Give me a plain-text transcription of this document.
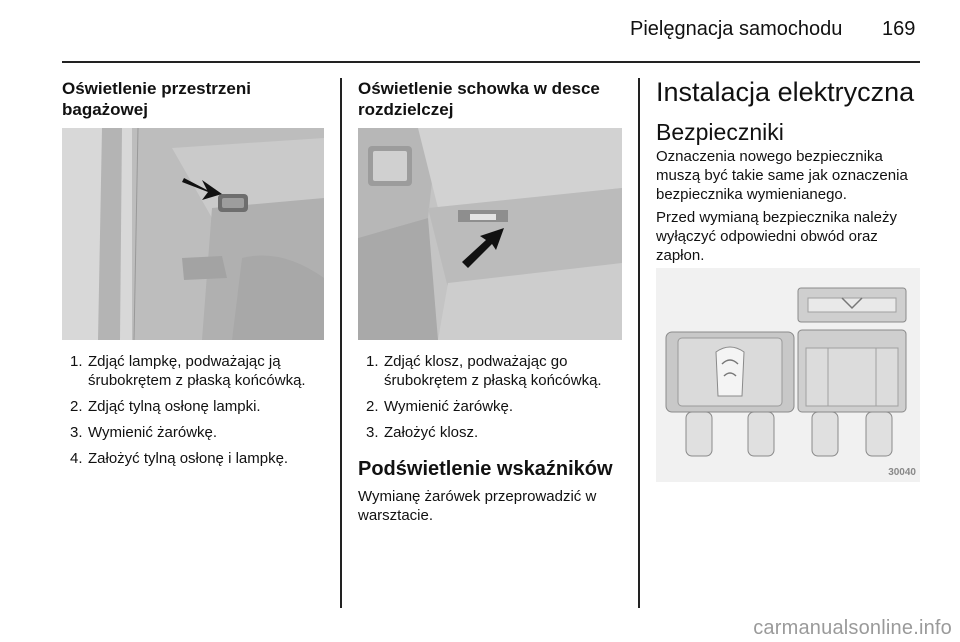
Pielęgnacja samochodu 169
Oświetlenie przestrzeni
bagażowej
1. Zdjąć lampkę, podważając ją
śrubokrętem z płaską końcówką.
2. Zdjąć tylną osłonę lampki.
3. Wymienić żarówkę.
4. Założyć tylną osłonę i lampkę.
Oświetlenie schowka w desce
rozdzielczej
1. Zdjąć klosz, podważając go
śrubokrętem z płaską końcówką.
2. Wymienić żarówkę.
3. Założyć klosz.
Podświetlenie wskaźników
Wymianę żarówek przeprowadzić w
warsztacie.
Instalacja elektryczna
Bezpieczniki
Oznaczenia nowego bezpiecznika
muszą być takie same jak oznaczenia
bezpiecznika wymienianego.
Przed wymianą bezpiecznika należy
wyłączyć odpowiedni obwód oraz
zapłon.
30040
carmanualsonline.info
